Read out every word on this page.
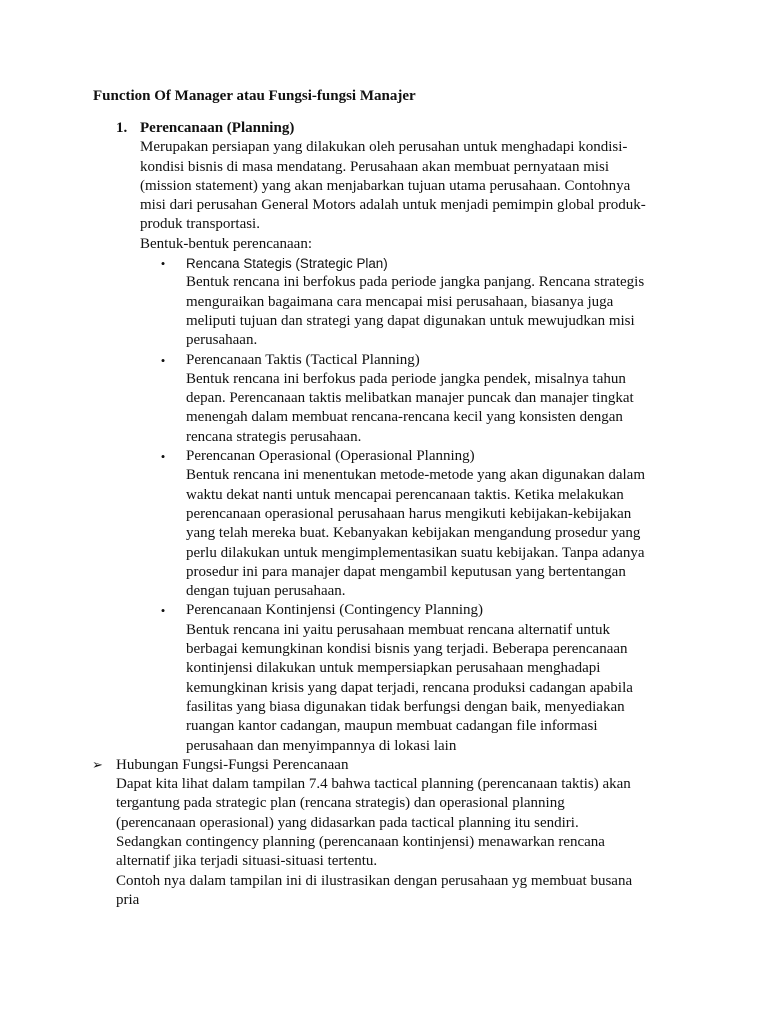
Function Of Manager atau Fungsi-fungsi Manajer
1. Perencanaan (Planning)
Merupakan persiapan yang dilakukan oleh perusahan untuk menghadapi kondisi-
kondisi bisnis di masa mendatang. Perusahaan akan membuat pernyataan misi
(mission statement) yang akan menjabarkan tujuan utama perusahaan. Contohnya
misi dari perusahan General Motors adalah untuk menjadi pemimpin global produk-
produk transportasi.
Bentuk-bentuk perencanaan:
•	Rencana Stategis (Strategic Plan)
Bentuk rencana ini berfokus pada periode jangka panjang. Rencana strategis
menguraikan bagaimana cara mencapai misi perusahaan, biasanya juga
meliputi tujuan dan strategi yang dapat digunakan untuk mewujudkan misi
perusahaan.
•	Perencanaan Taktis (Tactical Planning)
Bentuk rencana ini berfokus pada periode jangka pendek, misalnya tahun
depan. Perencanaan taktis melibatkan manajer puncak dan manajer tingkat
menengah dalam membuat rencana-rencana kecil yang konsisten dengan
rencana strategis perusahaan.
•	Perencanan Operasional (Operasional Planning)
Bentuk rencana ini menentukan metode-metode yang akan digunakan dalam
waktu dekat nanti untuk mencapai perencanaan taktis. Ketika melakukan
perencanaan operasional perusahaan harus mengikuti kebijakan-kebijakan
yang telah mereka buat. Kebanyakan kebijakan mengandung prosedur yang
perlu dilakukan untuk mengimplementasikan suatu kebijakan. Tanpa adanya
prosedur ini para manajer dapat mengambil keputusan yang bertentangan
dengan tujuan perusahaan.
•	Perencanaan Kontinjensi (Contingency Planning)
Bentuk rencana ini yaitu perusahaan membuat rencana alternatif untuk
berbagai kemungkinan kondisi bisnis yang terjadi. Beberapa perencanaan
kontinjensi dilakukan untuk mempersiapkan perusahaan menghadapi
kemungkinan krisis yang dapat terjadi, rencana produksi cadangan apabila
fasilitas yang biasa digunakan tidak berfungsi dengan baik, menyediakan
ruangan kantor cadangan, maupun membuat cadangan file informasi
perusahaan dan menyimpannya di lokasi lain
➢ Hubungan Fungsi-Fungsi Perencanaan
Dapat kita lihat dalam tampilan 7.4 bahwa tactical planning (perencanaan taktis) akan
tergantung pada strategic plan (rencana strategis) dan operasional planning
(perencanaan operasional) yang didasarkan pada tactical planning itu sendiri.
Sedangkan contingency planning (perencanaan kontinjensi) menawarkan rencana
alternatif jika terjadi situasi-situasi tertentu.
Contoh nya dalam tampilan ini di ilustrasikan dengan perusahaan yg membuat busana
pria
